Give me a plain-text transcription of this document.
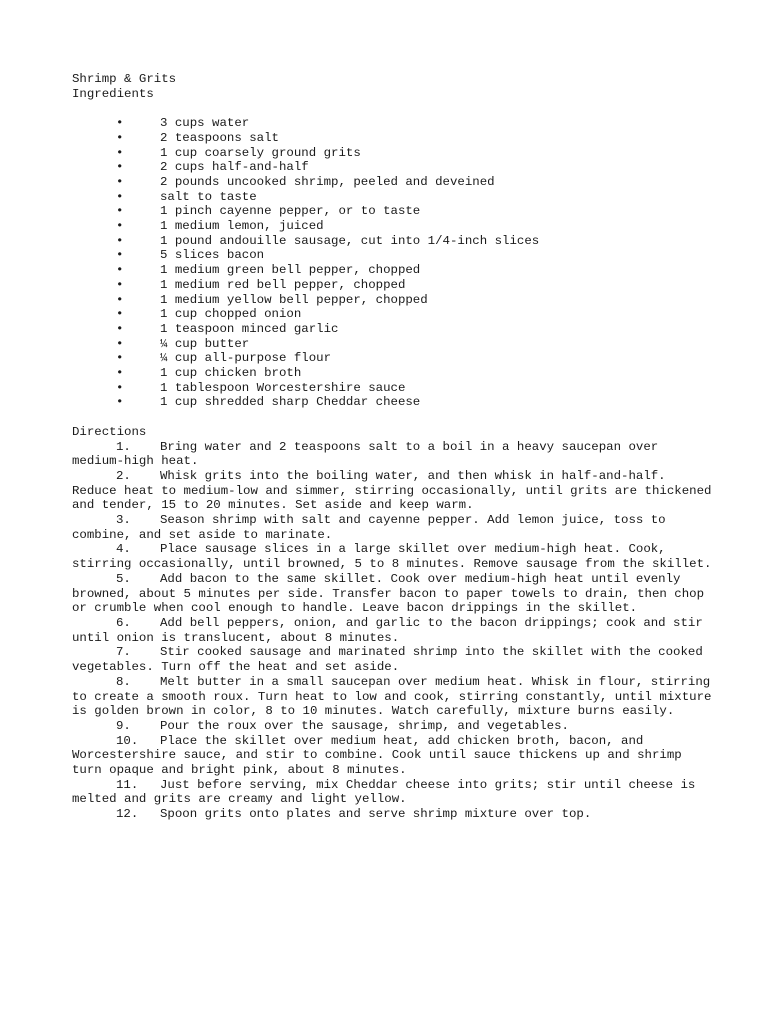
Shrimp & Grits
Ingredients
•	3 cups water
•	2 teaspoons salt
•	1 cup coarsely ground grits
•	2 cups half-and-half
•	2 pounds uncooked shrimp, peeled and deveined
•	salt to taste
•	1 pinch cayenne pepper, or to taste
•	1 medium lemon, juiced
•	1 pound andouille sausage, cut into 1/4-inch slices
•	5 slices bacon
•	1 medium green bell pepper, chopped
•	1 medium red bell pepper, chopped
•	1 medium yellow bell pepper, chopped
•	1 cup chopped onion
•	1 teaspoon minced garlic
•	¼ cup butter
•	¼ cup all-purpose flour
•	1 cup chicken broth
•	1 tablespoon Worcestershire sauce
•	1 cup shredded sharp Cheddar cheese
Directions
1. Bring water and 2 teaspoons salt to a boil in a heavy saucepan over medium-high heat.
2. Whisk grits into the boiling water, and then whisk in half-and-half. Reduce heat to medium-low and simmer, stirring occasionally, until grits are thickened and tender, 15 to 20 minutes. Set aside and keep warm.
3. Season shrimp with salt and cayenne pepper. Add lemon juice, toss to combine, and set aside to marinate.
4. Place sausage slices in a large skillet over medium-high heat. Cook, stirring occasionally, until browned, 5 to 8 minutes. Remove sausage from the skillet.
5. Add bacon to the same skillet. Cook over medium-high heat until evenly browned, about 5 minutes per side. Transfer bacon to paper towels to drain, then chop or crumble when cool enough to handle. Leave bacon drippings in the skillet.
6. Add bell peppers, onion, and garlic to the bacon drippings; cook and stir until onion is translucent, about 8 minutes.
7. Stir cooked sausage and marinated shrimp into the skillet with the cooked vegetables. Turn off the heat and set aside.
8. Melt butter in a small saucepan over medium heat. Whisk in flour, stirring to create a smooth roux. Turn heat to low and cook, stirring constantly, until mixture is golden brown in color, 8 to 10 minutes. Watch carefully, mixture burns easily.
9. Pour the roux over the sausage, shrimp, and vegetables.
10. Place the skillet over medium heat, add chicken broth, bacon, and Worcestershire sauce, and stir to combine. Cook until sauce thickens up and shrimp turn opaque and bright pink, about 8 minutes.
11. Just before serving, mix Cheddar cheese into grits; stir until cheese is melted and grits are creamy and light yellow.
12. Spoon grits onto plates and serve shrimp mixture over top.
